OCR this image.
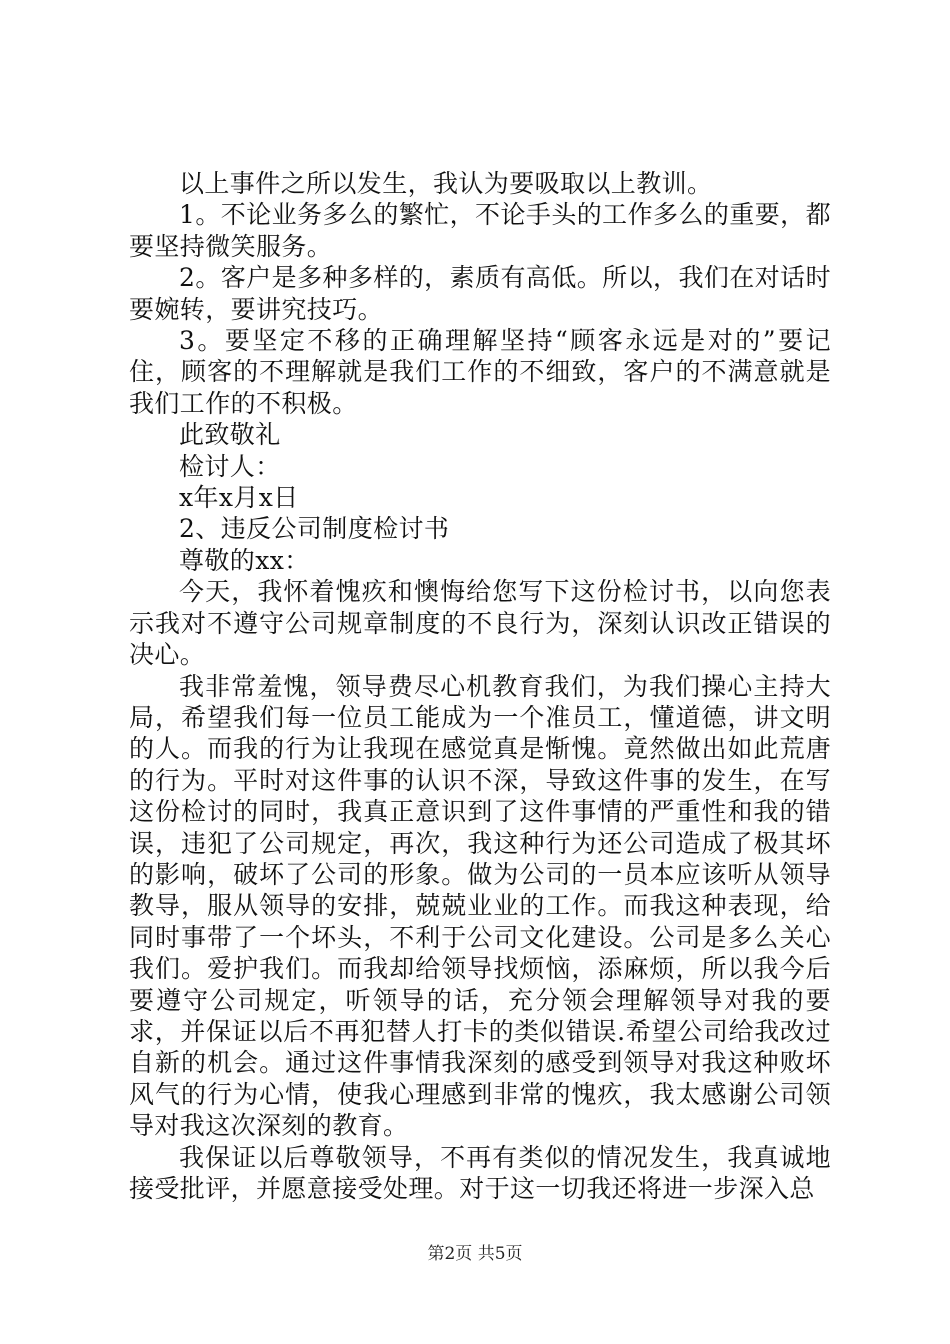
以上事件之所以发生，我认为要吸取以上教训。

1。不论业务多么的繁忙，不论手头的工作多么的重要，都要坚持微笑服务。

2。客户是多种多样的，素质有高低。所以，我们在对话时要婉转，要讲究技巧。

3。要坚定不移的正确理解坚持“顾客永远是对的”要记住，顾客的不理解就是我们工作的不细致，客户的不满意就是我们工作的不积极。

此致敬礼

检讨人：

x年x月x日

2、违反公司制度检讨书

尊敬的xx：

今天，我怀着愧疚和懊悔给您写下这份检讨书，以向您表示我对不遵守公司规章制度的不良行为，深刻认识改正错误的决心。

我非常羞愧，领导费尽心机教育我们，为我们操心主持大局，希望我们每一位员工能成为一个准员工，懂道德，讲文明的人。而我的行为让我现在感觉真是惭愧。竟然做出如此荒唐的行为。平时对这件事的认识不深，导致这件事的发生，在写这份检讨的同时，我真正意识到了这件事情的严重性和我的错误，违犯了公司规定，再次，我这种行为还公司造成了极其坏的影响，破坏了公司的形象。做为公司的一员本应该听从领导教导，服从领导的安排，兢兢业业的工作。而我这种表现，给同时事带了一个坏头，不利于公司文化建设。公司是多么关心我们。爱护我们。而我却给领导找烦恼，添麻烦，所以我今后要遵守公司规定，听领导的话，充分领会理解领导对我的要求，并保证以后不再犯替人打卡的类似错误.希望公司给我改过自新的机会。通过这件事情我深刻的感受到领导对我这种败坏风气的行为心情，使我心理感到非常的愧疚，我太感谢公司领导对我这次深刻的教育。

我保证以后尊敬领导，不再有类似的情况发生，我真诚地接受批评，并愿意接受处理。对于这一切我还将进一步深入总

第2页 共5页
